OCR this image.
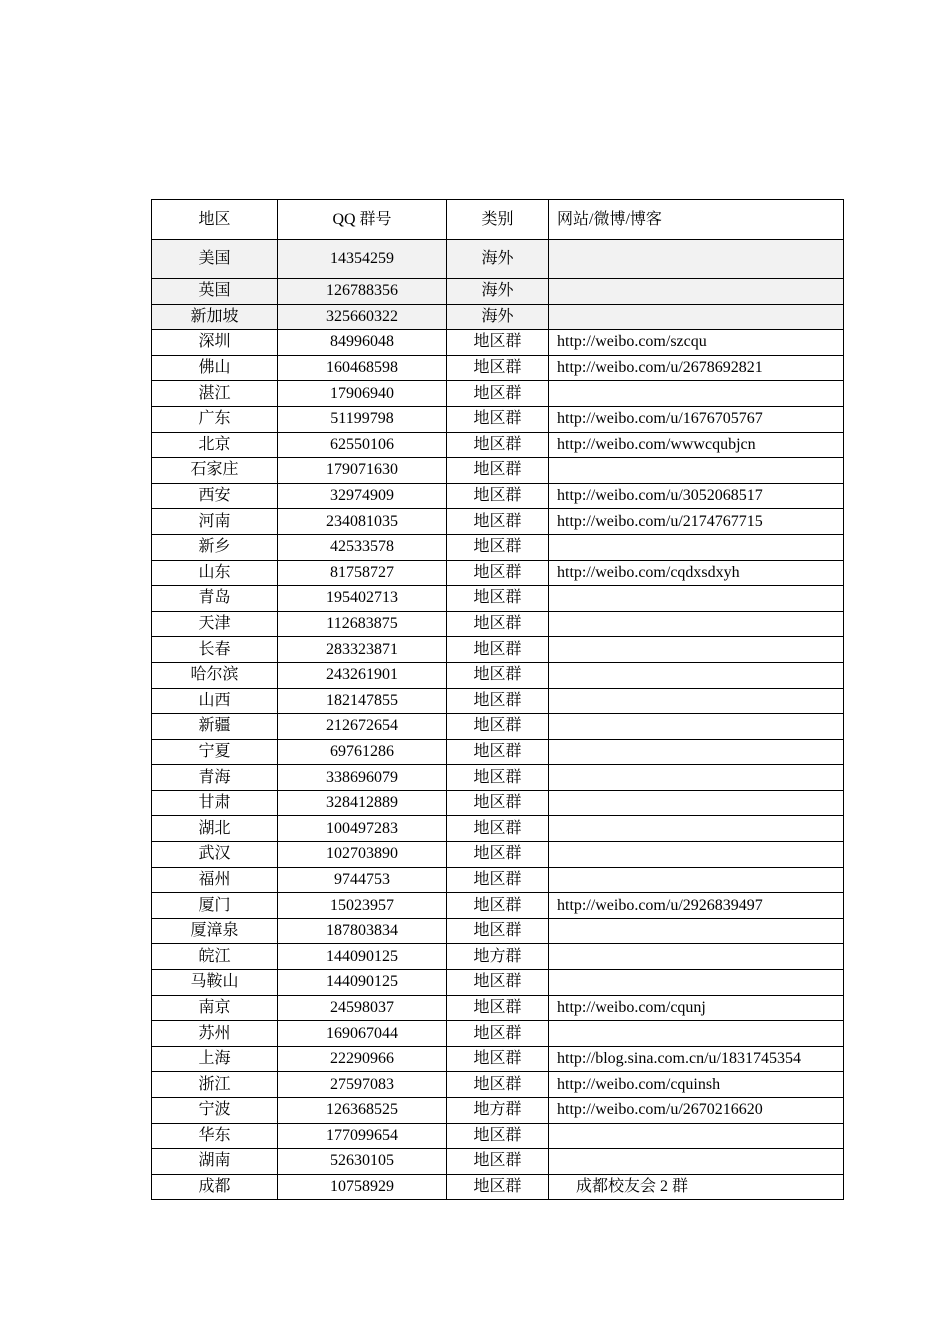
地区	QQ 群号	类别	网站/微博/博客
美国	14354259	海外	
英国	126788356	海外	
新加坡	325660322	海外	
深圳	84996048	地区群	http://weibo.com/szcqu
佛山	160468598	地区群	http://weibo.com/u/2678692821
湛江	17906940	地区群	
广东	51199798	地区群	http://weibo.com/u/1676705767
北京	62550106	地区群	http://weibo.com/wwwcqubjcn
石家庄	179071630	地区群	
西安	32974909	地区群	http://weibo.com/u/3052068517
河南	234081035	地区群	http://weibo.com/u/2174767715
新乡	42533578	地区群	
山东	81758727	地区群	http://weibo.com/cqdxsdxyh
青岛	195402713	地区群	
天津	112683875	地区群	
长春	283323871	地区群	
哈尔滨	243261901	地区群	
山西	182147855	地区群	
新疆	212672654	地区群	
宁夏	69761286	地区群	
青海	338696079	地区群	
甘肃	328412889	地区群	
湖北	100497283	地区群	
武汉	102703890	地区群	
福州	9744753	地区群	
厦门	15023957	地区群	http://weibo.com/u/2926839497
厦漳泉	187803834	地区群	
皖江	144090125	地方群	
马鞍山	144090125	地区群	
南京	24598037	地区群	http://weibo.com/cqunj
苏州	169067044	地区群	
上海	22290966	地区群	http://blog.sina.com.cn/u/1831745354
浙江	27597083	地区群	http://weibo.com/cquinsh
宁波	126368525	地方群	http://weibo.com/u/2670216620
华东	177099654	地区群	
湖南	52630105	地区群	
成都	10758929	地区群	成都校友会 2 群
